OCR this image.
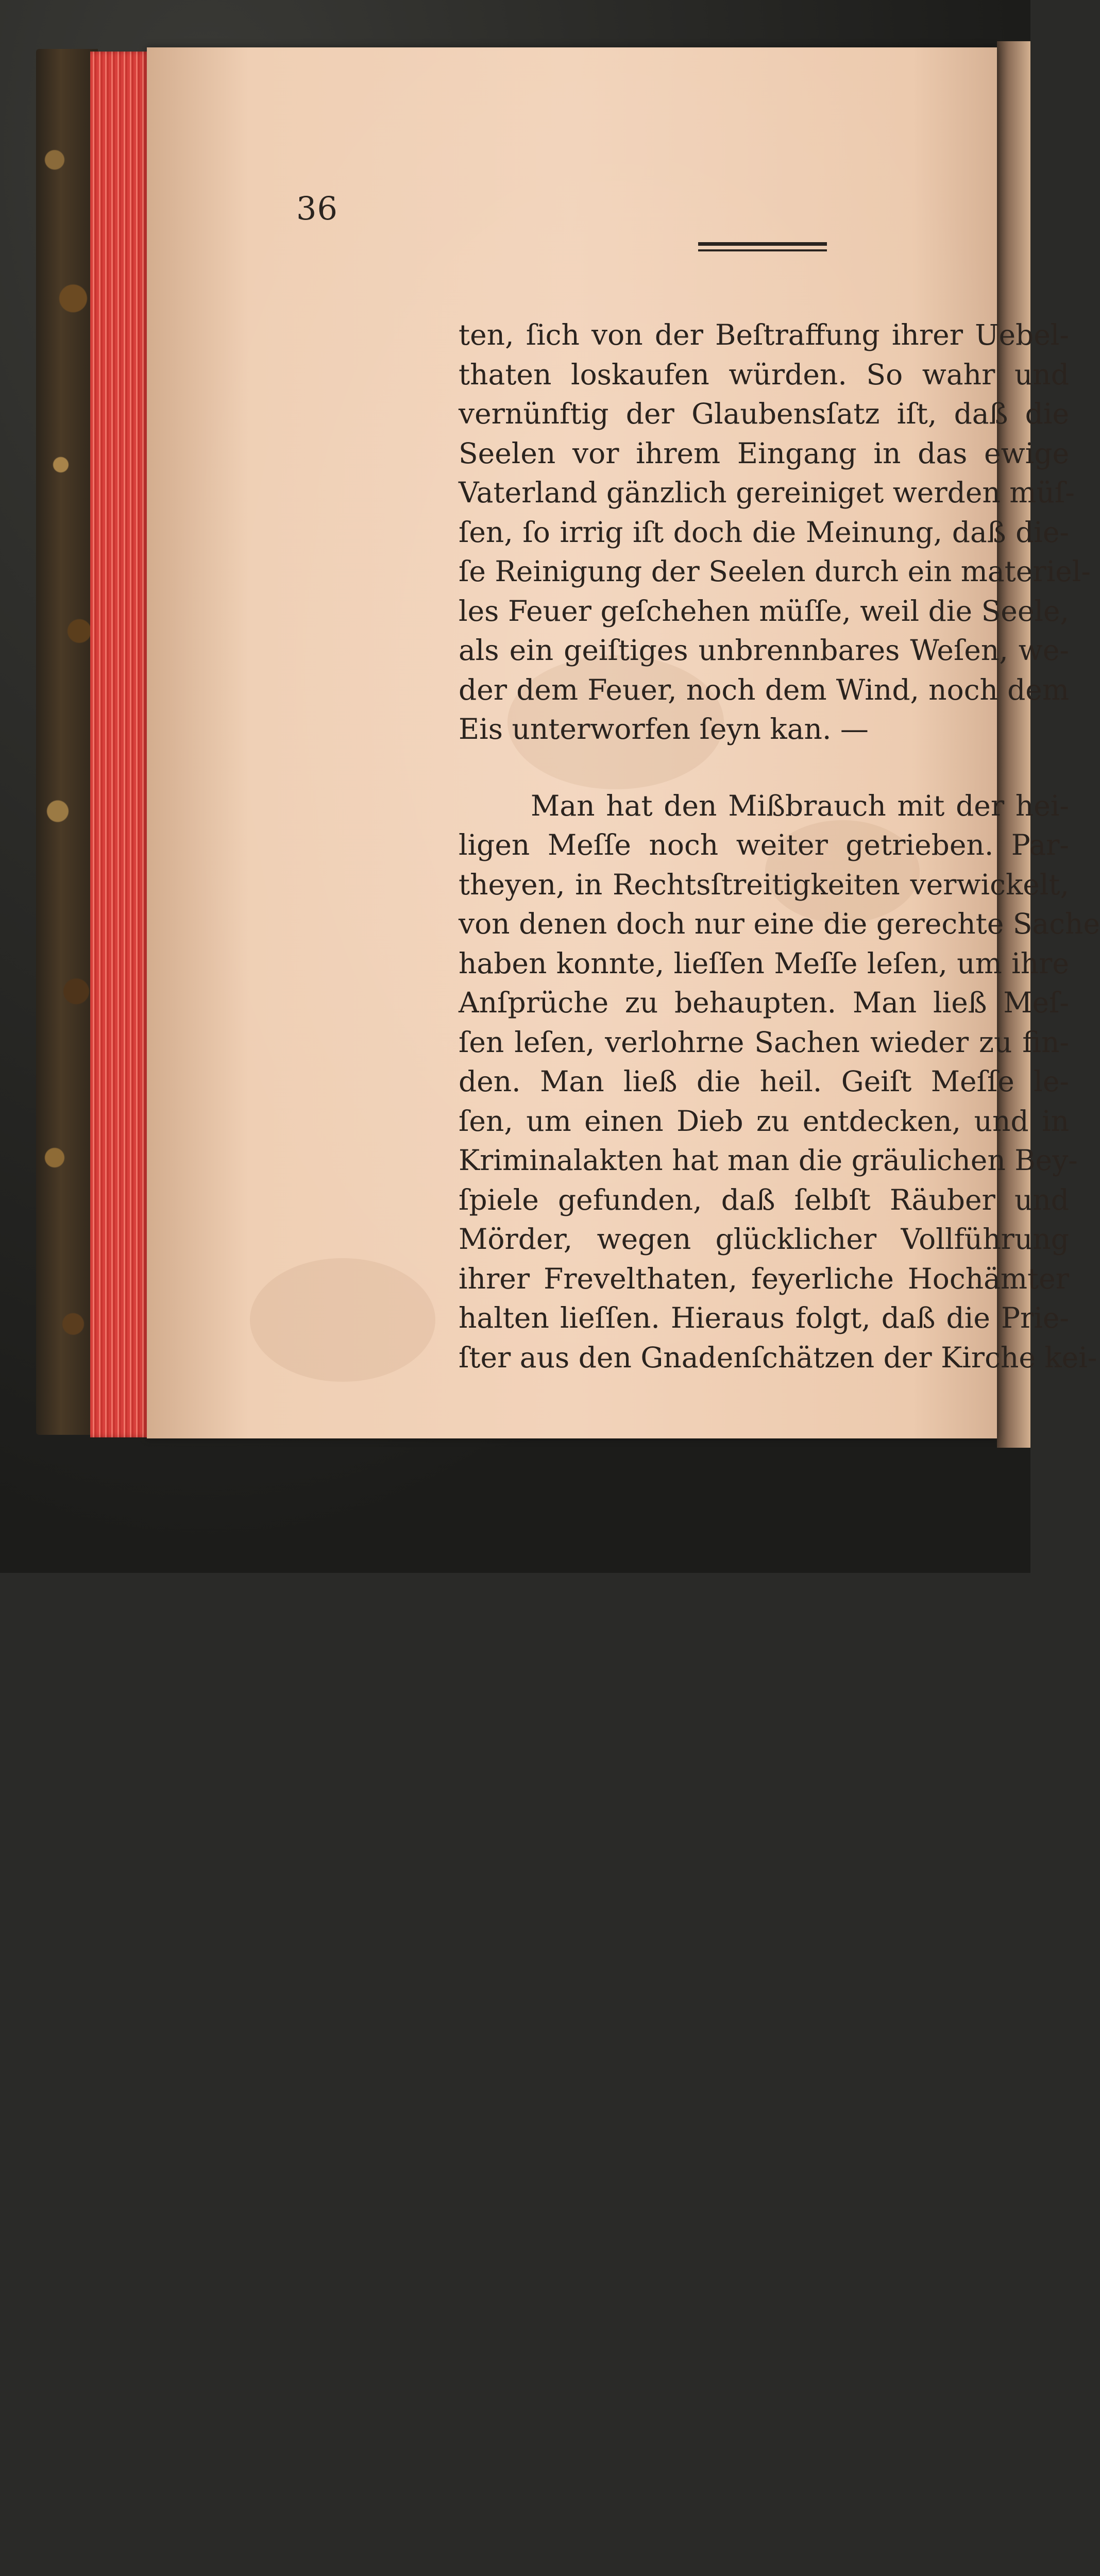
36
ten, ſich von der Beſtraffung ihrer Uebel-
thaten loskaufen würden. So wahr und
vernünftig der Glaubensſatz iſt, daß die
Seelen vor ihrem Eingang in das ewige
Vaterland gänzlich gereiniget werden müſ-
ſen, ſo irrig iſt doch die Meinung, daß die-
ſe Reinigung der Seelen durch ein materiel-
les Feuer geſchehen müſſe, weil die Seele,
als ein geiſtiges unbrennbares Weſen, we-
der dem Feuer, noch dem Wind, noch dem
Eis unterworfen ſeyn kan. —
Man hat den Mißbrauch mit der hei-
ligen Meſſe noch weiter getrieben. Par-
theyen, in Rechtsſtreitigkeiten verwickelt,
von denen doch nur eine die gerechte Sache
haben konnte, lieſſen Meſſe leſen, um ihre
Anſprüche zu behaupten. Man ließ Meſ-
ſen leſen, verlohrne Sachen wieder zu fin-
den. Man ließ die heil. Geiſt Meſſe le-
ſen, um einen Dieb zu entdecken, und in
Kriminalakten hat man die gräulichen Bey-
ſpiele gefunden, daß ſelbſt Räuber und
Mörder, wegen glücklicher Vollführung
ihrer Frevelthaten, feyerliche Hochämter
halten lieſſen. Hieraus folgt, daß die Prie-
ſter aus den Gnadenſchätzen der Kirche kei-
